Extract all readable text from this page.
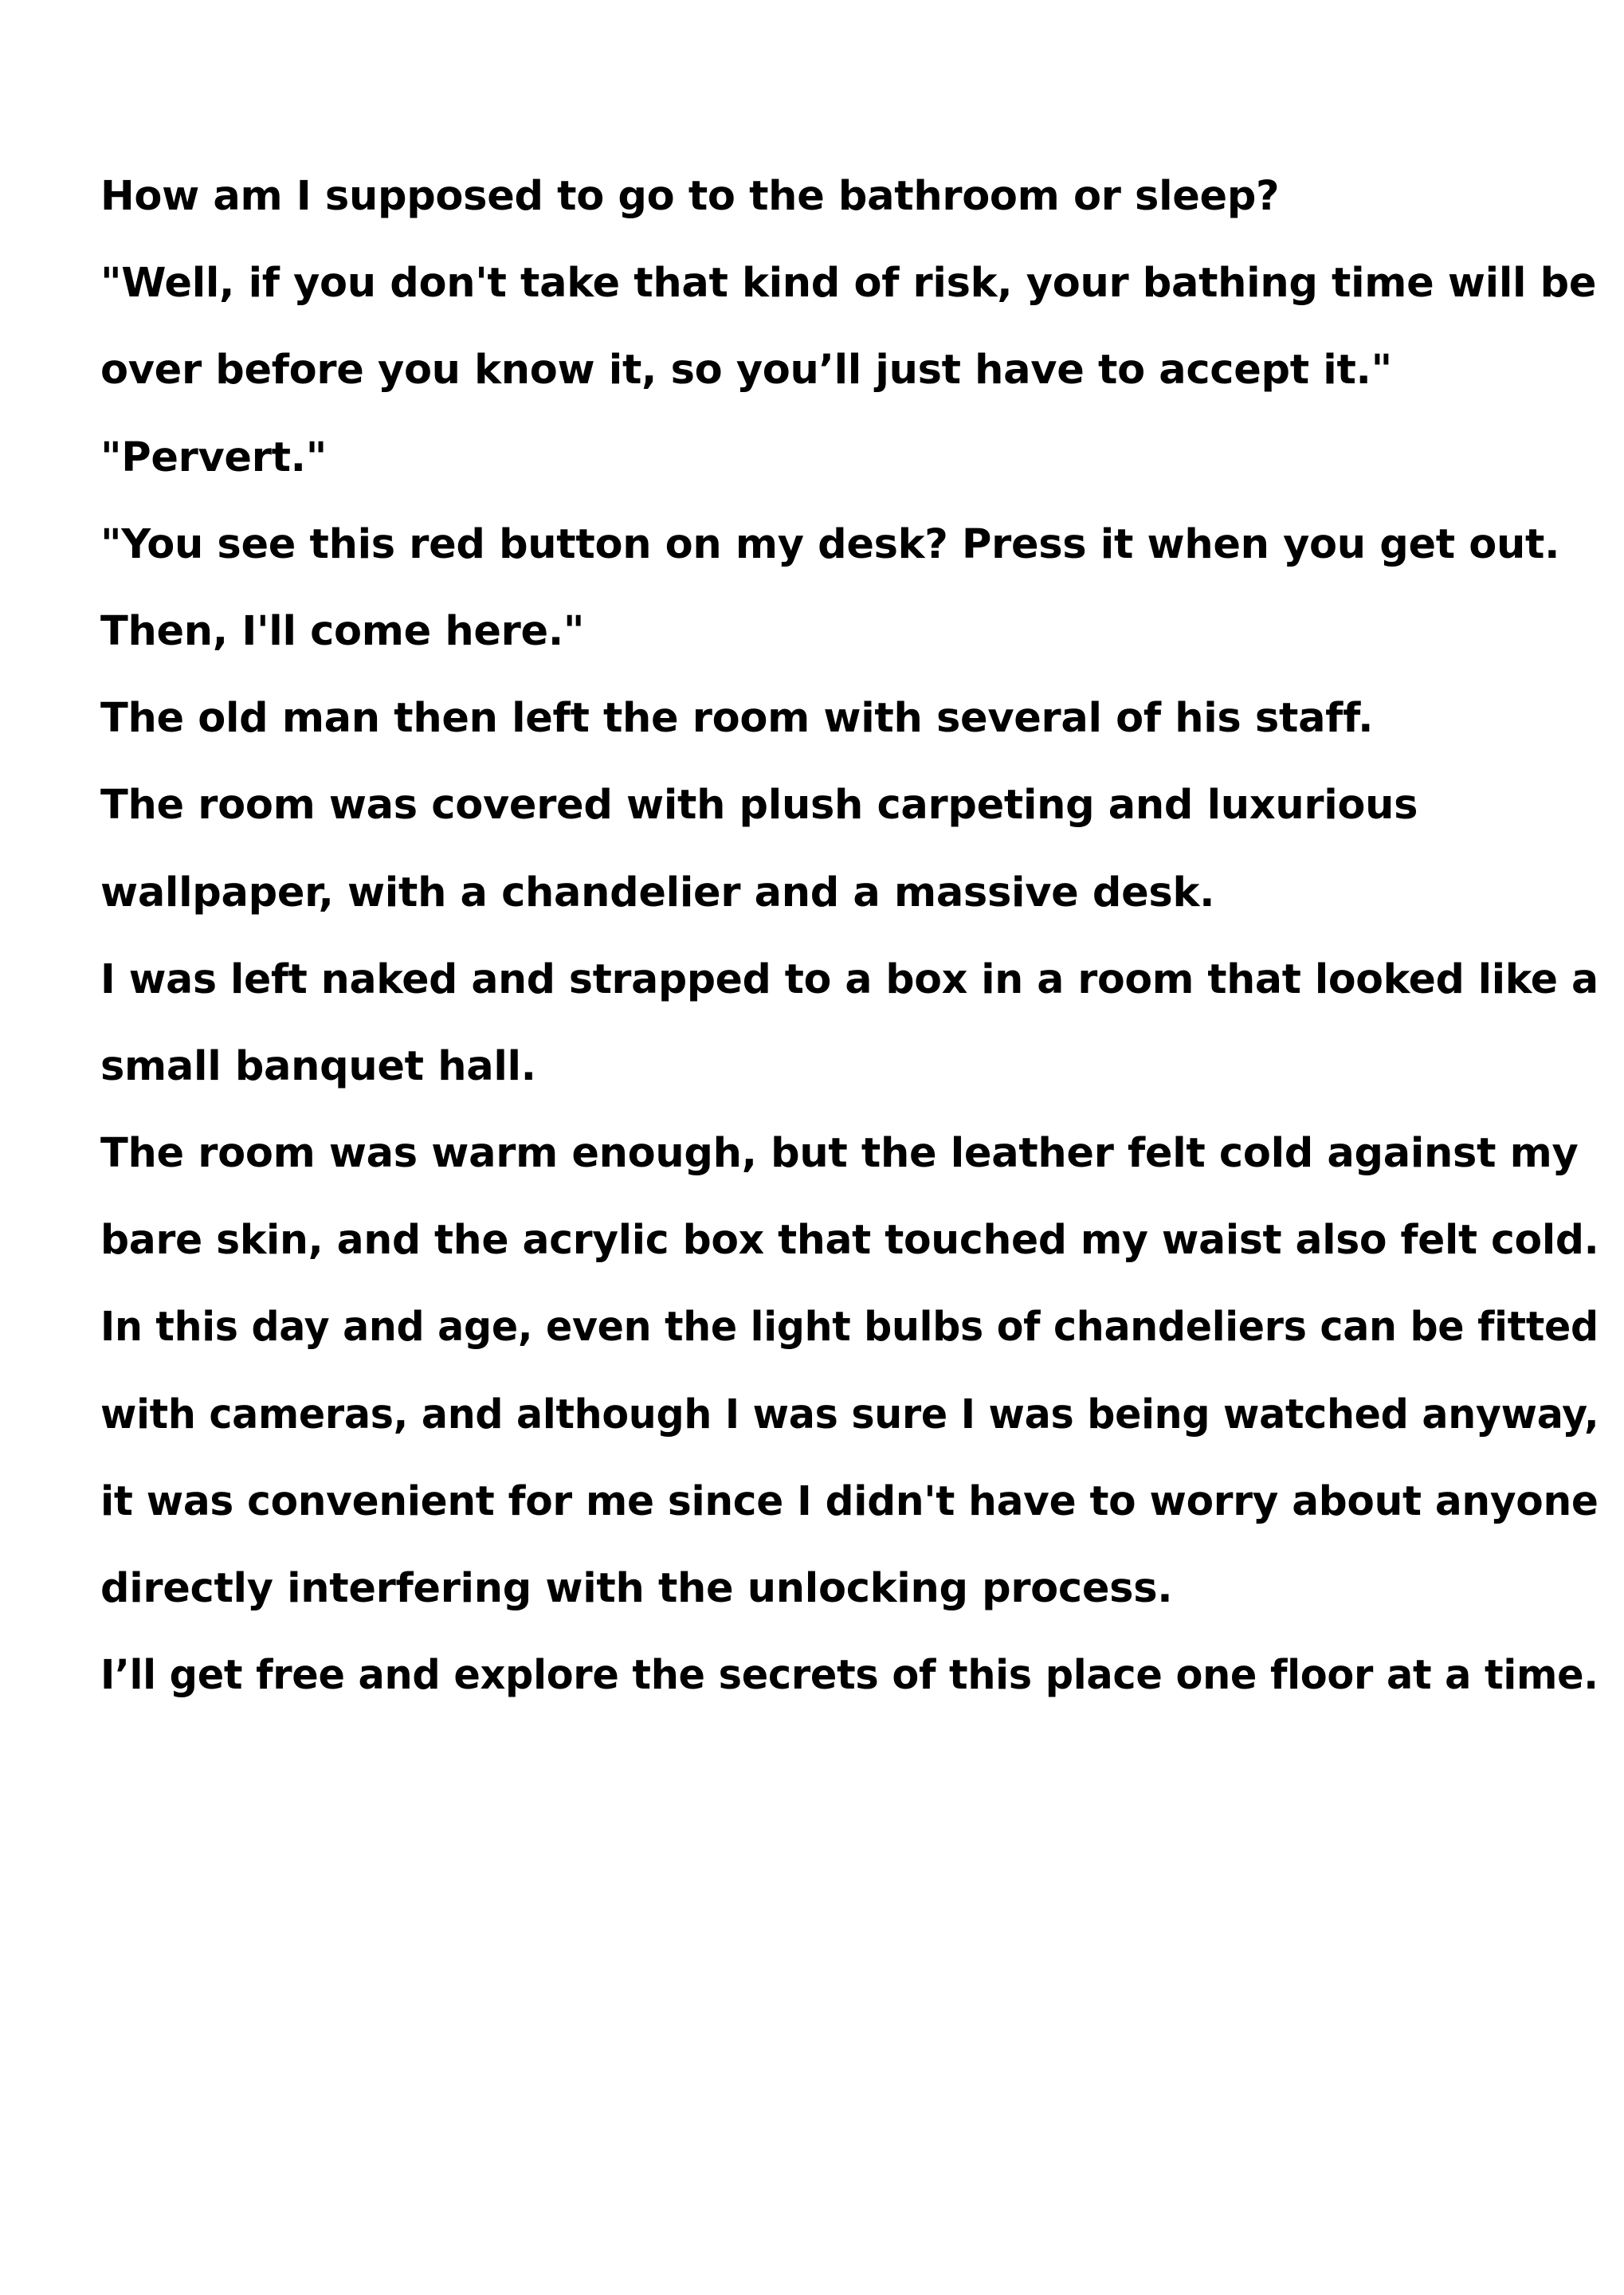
How am I supposed to go to the bathroom or sleep?
"Well, if you don't take that kind of risk, your bathing time will be
over before you know it, so you’ll just have to accept it."
"Pervert."
"You see this red button on my desk? Press it when you get out.
Then, I'll come here."
The old man then left the room with several of his staff.
The room was covered with plush carpeting and luxurious
wallpaper, with a chandelier and a massive desk.
I was left naked and strapped to a box in a room that looked like a
small banquet hall.
The room was warm enough, but the leather felt cold against my
bare skin, and the acrylic box that touched my waist also felt cold.
In this day and age, even the light bulbs of chandeliers can be fitted
with cameras, and although I was sure I was being watched anyway,
it was convenient for me since I didn't have to worry about anyone
directly interfering with the unlocking process.
I’ll get free and explore the secrets of this place one floor at a time.
